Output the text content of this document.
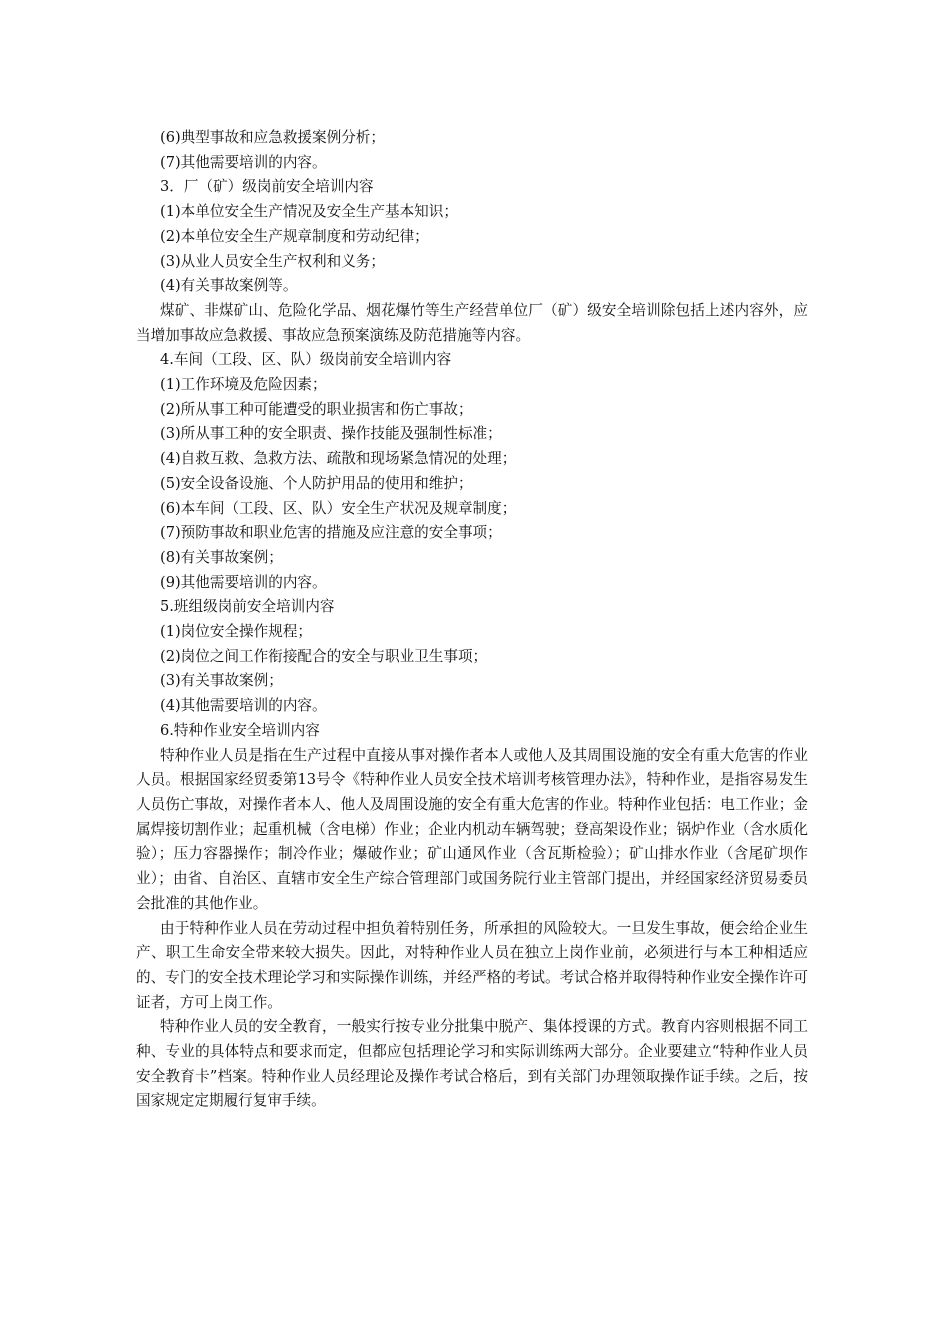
(6)典型事故和应急救援案例分析；

(7)其他需要培训的内容。

3．厂（矿）级岗前安全培训内容

(1)本单位安全生产情况及安全生产基本知识；

(2)本单位安全生产规章制度和劳动纪律；

(3)从业人员安全生产权利和义务；

(4)有关事故案例等。

煤矿、非煤矿山、危险化学品、烟花爆竹等生产经营单位厂（矿）级安全培训除包括上述内容外，应当增加事故应急救援、事故应急预案演练及防范措施等内容。

4.车间（工段、区、队）级岗前安全培训内容

(1)工作环境及危险因素；

(2)所从事工种可能遭受的职业损害和伤亡事故；

(3)所从事工种的安全职责、操作技能及强制性标准；

(4)自救互救、急救方法、疏散和现场紧急情况的处理；

(5)安全设备设施、个人防护用品的使用和维护；

(6)本车间（工段、区、队）安全生产状况及规章制度；

(7)预防事故和职业危害的措施及应注意的安全事项；

(8)有关事故案例；

(9)其他需要培训的内容。

5.班组级岗前安全培训内容

(1)岗位安全操作规程；

(2)岗位之间工作衔接配合的安全与职业卫生事项；

(3)有关事故案例；

(4)其他需要培训的内容。

6.特种作业安全培训内容

特种作业人员是指在生产过程中直接从事对操作者本人或他人及其周围设施的安全有重大危害的作业人员。根据国家经贸委第13号令《特种作业人员安全技术培训考核管理办法》，特种作业，是指容易发生人员伤亡事故，对操作者本人、他人及周围设施的安全有重大危害的作业。特种作业包括：电工作业；金属焊接切割作业；起重机械（含电梯）作业；企业内机动车辆驾驶；登高架设作业；锅炉作业（含水质化验）；压力容器操作；制冷作业；爆破作业；矿山通风作业（含瓦斯检验）；矿山排水作业（含尾矿坝作业）；由省、自治区、直辖市安全生产综合管理部门或国务院行业主管部门提出，并经国家经济贸易委员会批准的其他作业。

由于特种作业人员在劳动过程中担负着特别任务，所承担的风险较大。一旦发生事故，便会给企业生产、职工生命安全带来较大损失。因此，对特种作业人员在独立上岗作业前，必须进行与本工种相适应的、专门的安全技术理论学习和实际操作训练，并经严格的考试。考试合格并取得特种作业安全操作许可证者，方可上岗工作。

特种作业人员的安全教育，一般实行按专业分批集中脱产、集体授课的方式。教育内容则根据不同工种、专业的具体特点和要求而定，但都应包括理论学习和实际训练两大部分。企业要建立“特种作业人员安全教育卡”档案。特种作业人员经理论及操作考试合格后，到有关部门办理领取操作证手续。之后，按国家规定定期履行复审手续。
